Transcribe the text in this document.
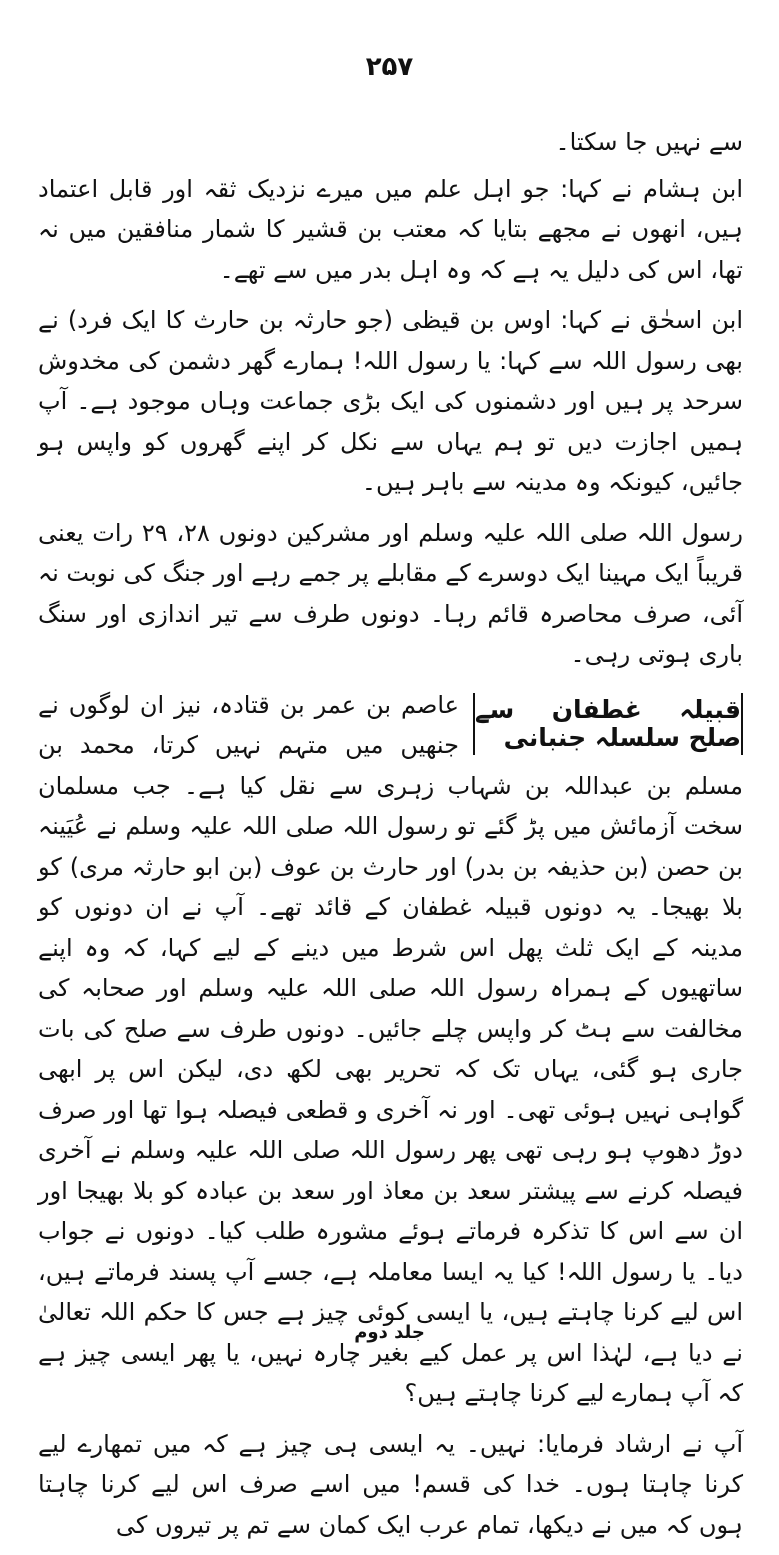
۲۵۷

سے نہیں جا سکتا۔

ابن ہشام نے کہا: جو اہل علم میں میرے نزدیک ثقہ اور قابل اعتماد ہیں، انھوں نے مجھے بتایا کہ معتب بن قشیر کا شمار منافقین میں نہ تھا، اس کی دلیل یہ ہے کہ وہ اہل بدر میں سے تھے۔

ابن اسحٰق نے کہا: اوس بن قیظی (جو حارثہ بن حارث کا ایک فرد) نے بھی رسول اللہ سے کہا: یا رسول اللہ! ہمارے گھر دشمن کی مخدوش سرحد پر ہیں اور دشمنوں کی ایک بڑی جماعت وہاں موجود ہے۔ آپ ہمیں اجازت دیں تو ہم یہاں سے نکل کر اپنے گھروں کو واپس ہو جائیں، کیونکہ وہ مدینہ سے باہر ہیں۔

رسول اللہ صلی اللہ علیہ وسلم اور مشرکین دونوں ۲۸، ۲۹ رات یعنی قریباً ایک مہینا ایک دوسرے کے مقابلے پر جمے رہے اور جنگ کی نوبت نہ آئی، صرف محاصرہ قائم رہا۔ دونوں طرف سے تیر اندازی اور سنگ باری ہوتی رہی۔

قبیلہ غطفان سے صلح سلسلہ جنبانی

عاصم بن عمر بن قتادہ، نیز ان لوگوں نے جنھیں میں متہم نہیں کرتا، محمد بن مسلم بن عبداللہ بن شہاب زہری سے نقل کیا ہے۔ جب مسلمان سخت آزمائش میں پڑ گئے تو رسول اللہ صلی اللہ علیہ وسلم نے عُیَینہ بن حصن (بن حذیفہ بن بدر) اور حارث بن عوف (بن ابو حارثہ مری) کو بلا بھیجا۔ یہ دونوں قبیلہ غطفان کے قائد تھے۔ آپ نے ان دونوں کو مدینہ کے ایک ثلث پھل اس شرط میں دینے کے لیے کہا، کہ وہ اپنے ساتھیوں کے ہمراہ رسول اللہ صلی اللہ علیہ وسلم اور صحابہ کی مخالفت سے ہٹ کر واپس چلے جائیں۔ دونوں طرف سے صلح کی بات جاری ہو گئی، یہاں تک کہ تحریر بھی لکھ دی، لیکن اس پر ابھی گواہی نہیں ہوئی تھی۔ اور نہ آخری و قطعی فیصلہ ہوا تھا اور صرف دوڑ دھوپ ہو رہی تھی پھر رسول اللہ صلی اللہ علیہ وسلم نے آخری فیصلہ کرنے سے پیشتر سعد بن معاذ اور سعد بن عبادہ کو بلا بھیجا اور ان سے اس کا تذکرہ فرماتے ہوئے مشورہ طلب کیا۔ دونوں نے جواب دیا۔ یا رسول اللہ! کیا یہ ایسا معاملہ ہے، جسے آپ پسند فرماتے ہیں، اس لیے کرنا چاہتے ہیں، یا ایسی کوئی چیز ہے جس کا حکم اللہ تعالیٰ نے دیا ہے، لہٰذا اس پر عمل کیے بغیر چارہ نہیں، یا پھر ایسی چیز ہے کہ آپ ہمارے لیے کرنا چاہتے ہیں؟

آپ نے ارشاد فرمایا: نہیں۔ یہ ایسی ہی چیز ہے کہ میں تمھارے لیے کرنا چاہتا ہوں۔ خدا کی قسم! میں اسے صرف اس لیے کرنا چاہتا ہوں کہ میں نے دیکھا، تمام عرب ایک کمان سے تم پر تیروں کی

جلد دوم
